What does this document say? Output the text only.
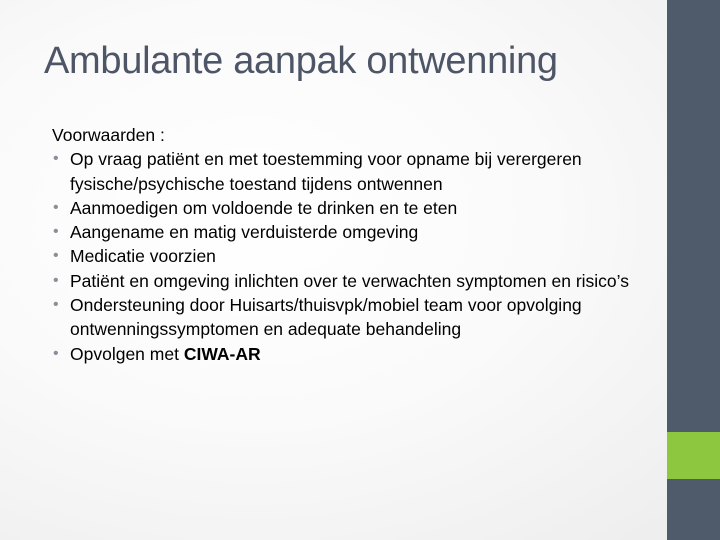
Ambulante aanpak ontwenning

Voorwaarden :

• Op vraag patiënt en met toestemming voor opname bij verergeren fysische/psychische toestand tijdens ontwennen
• Aanmoedigen om voldoende te drinken en te eten
• Aangename en matig verduisterde omgeving
• Medicatie voorzien
• Patiënt en omgeving inlichten over te verwachten symptomen en risico’s
• Ondersteuning door Huisarts/thuisvpk/mobiel team voor opvolging ontwenningssymptomen en adequate behandeling
• Opvolgen met CIWA-AR
